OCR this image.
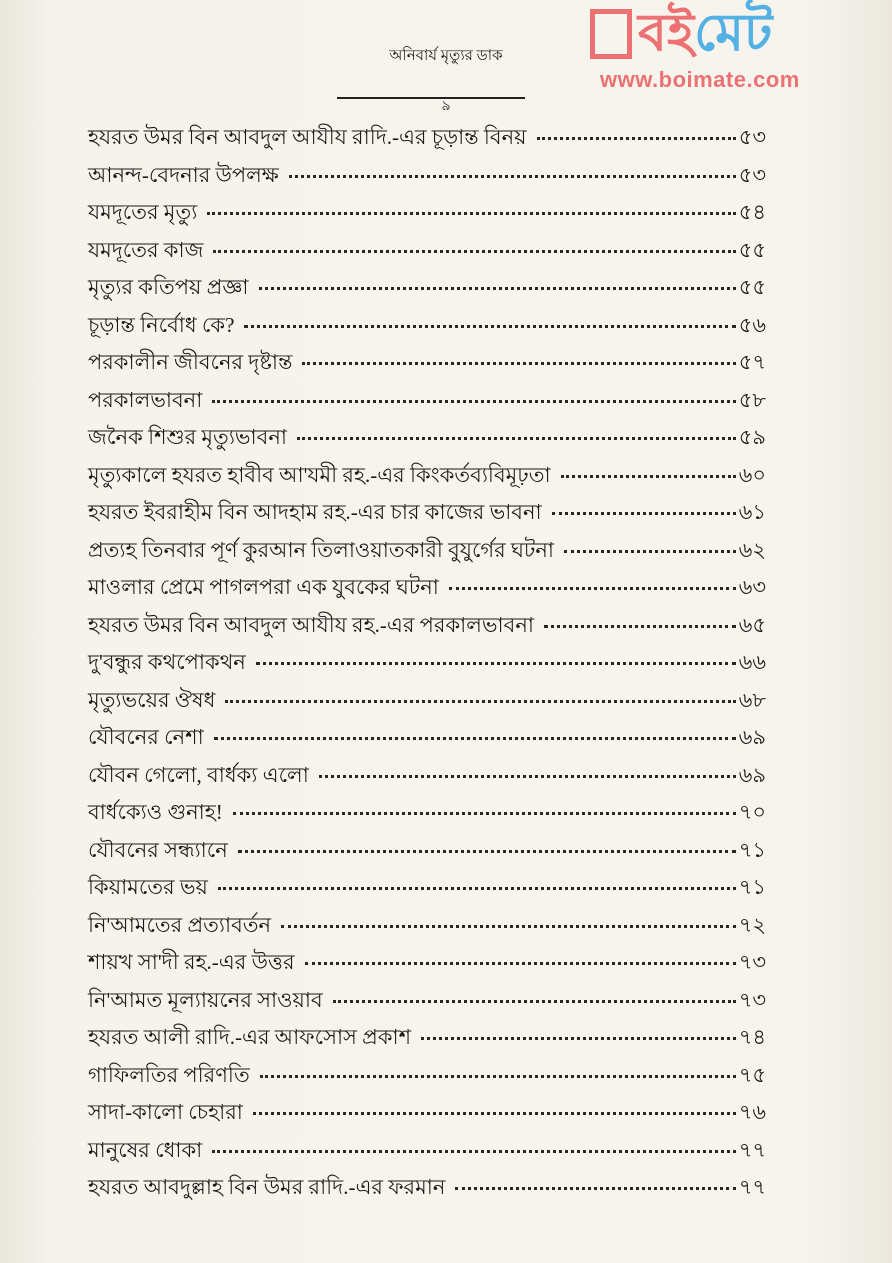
অনিবার্য মৃত্যুর ডাক
৯
হযরত উমর বিন আবদুল আযীয রাদি.-এর চূড়ান্ত বিনয়	৫৩
আনন্দ-বেদনার উপলক্ষ	৫৩
যমদূতের মৃত্যু	৫৪
যমদূতের কাজ	৫৫
মৃত্যুর কতিপয় প্রজ্ঞা	৫৫
চূড়ান্ত নির্বোধ কে?	৫৬
পরকালীন জীবনের দৃষ্টান্ত	৫৭
পরকালভাবনা	৫৮
জনৈক শিশুর মৃত্যুভাবনা	৫৯
মৃত্যুকালে হযরত হাবীব আ'যমী রহ.-এর কিংকর্তব্যবিমূঢ়তা	৬০
হযরত ইবরাহীম বিন আদহাম রহ.-এর চার কাজের ভাবনা	৬১
প্রত্যহ তিনবার পূর্ণ কুরআন তিলাওয়াতকারী বুযুর্গের ঘটনা	৬২
মাওলার প্রেমে পাগলপরা এক যুবকের ঘটনা	৬৩
হযরত উমর বিন আবদুল আযীয রহ.-এর পরকালভাবনা	৬৫
দু'বন্ধুর কথপোকথন	৬৬
মৃত্যুভয়ের ঔষধ	৬৮
যৌবনের নেশা	৬৯
যৌবন গেলো, বার্ধক্য এলো	৬৯
বার্ধক্যেও গুনাহ!	৭০
যৌবনের সন্ধ্যানে	৭১
কিয়ামতের ভয়	৭১
নি'আমতের প্রত্যাবর্তন	৭২
শায়খ সা'দী রহ.-এর উত্তর	৭৩
নি'আমত মূল্যায়নের সাওয়াব	৭৩
হযরত আলী রাদি.-এর আফসোস প্রকাশ	৭৪
গাফিলতির পরিণতি	৭৫
সাদা-কালো চেহারা	৭৬
মানুষের ধোকা	৭৭
হযরত আবদুল্লাহ বিন উমর রাদি.-এর ফরমান	৭৭
বই মেট
www.boimate.com
